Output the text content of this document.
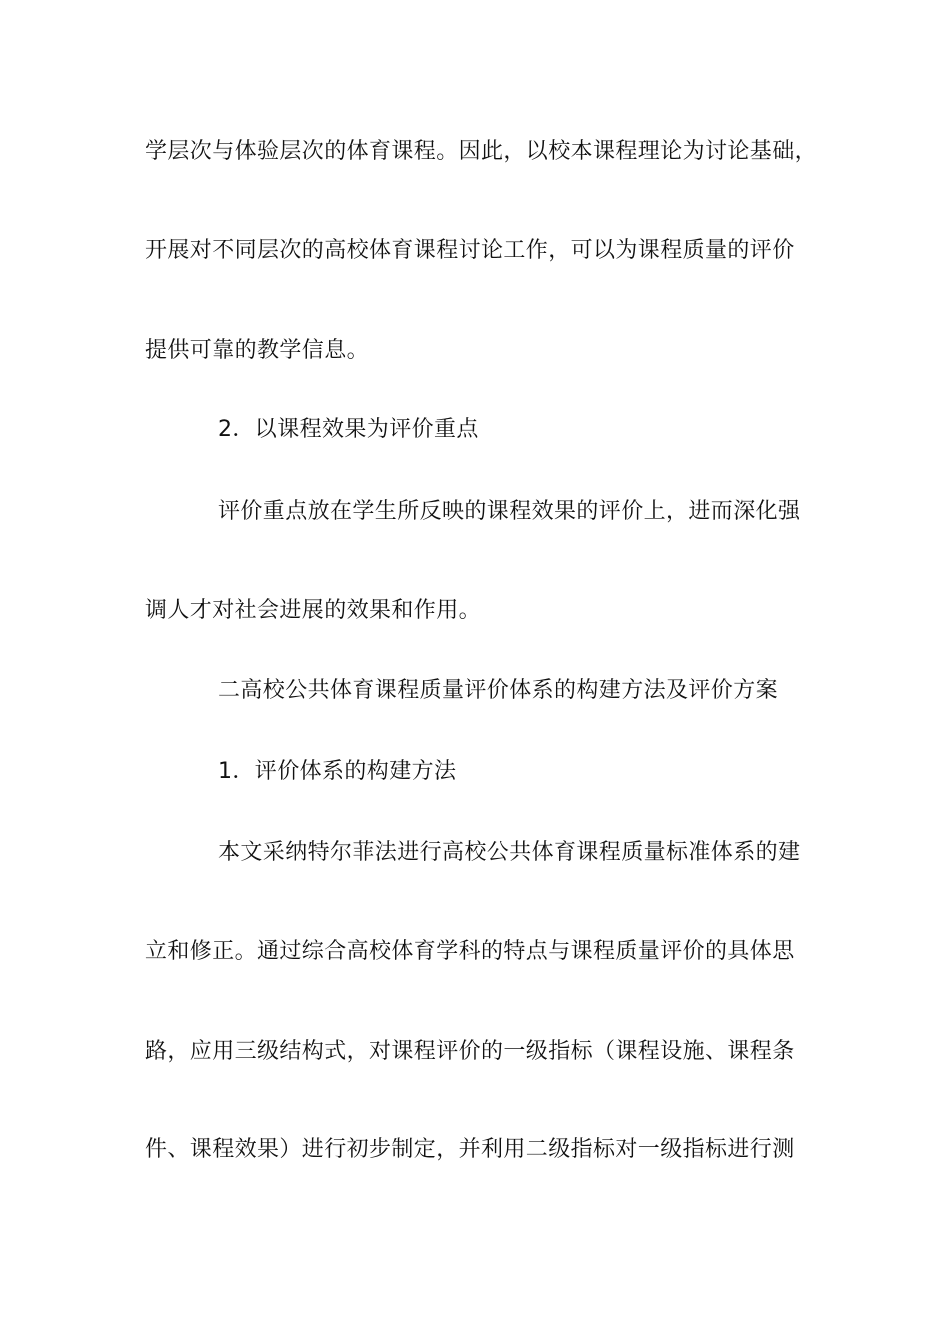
学层次与体验层次的体育课程。因此，以校本课程理论为讨论基础，
开展对不同层次的高校体育课程讨论工作，可以为课程质量的评价
提供可靠的教学信息。
2．以课程效果为评价重点
评价重点放在学生所反映的课程效果的评价上，进而深化强
调人才对社会进展的效果和作用。
二高校公共体育课程质量评价体系的构建方法及评价方案
1．评价体系的构建方法
本文采纳特尔菲法进行高校公共体育课程质量标准体系的建
立和修正。通过综合高校体育学科的特点与课程质量评价的具体思
路，应用三级结构式，对课程评价的一级指标（课程设施、课程条
件、课程效果）进行初步制定，并利用二级指标对一级指标进行测
